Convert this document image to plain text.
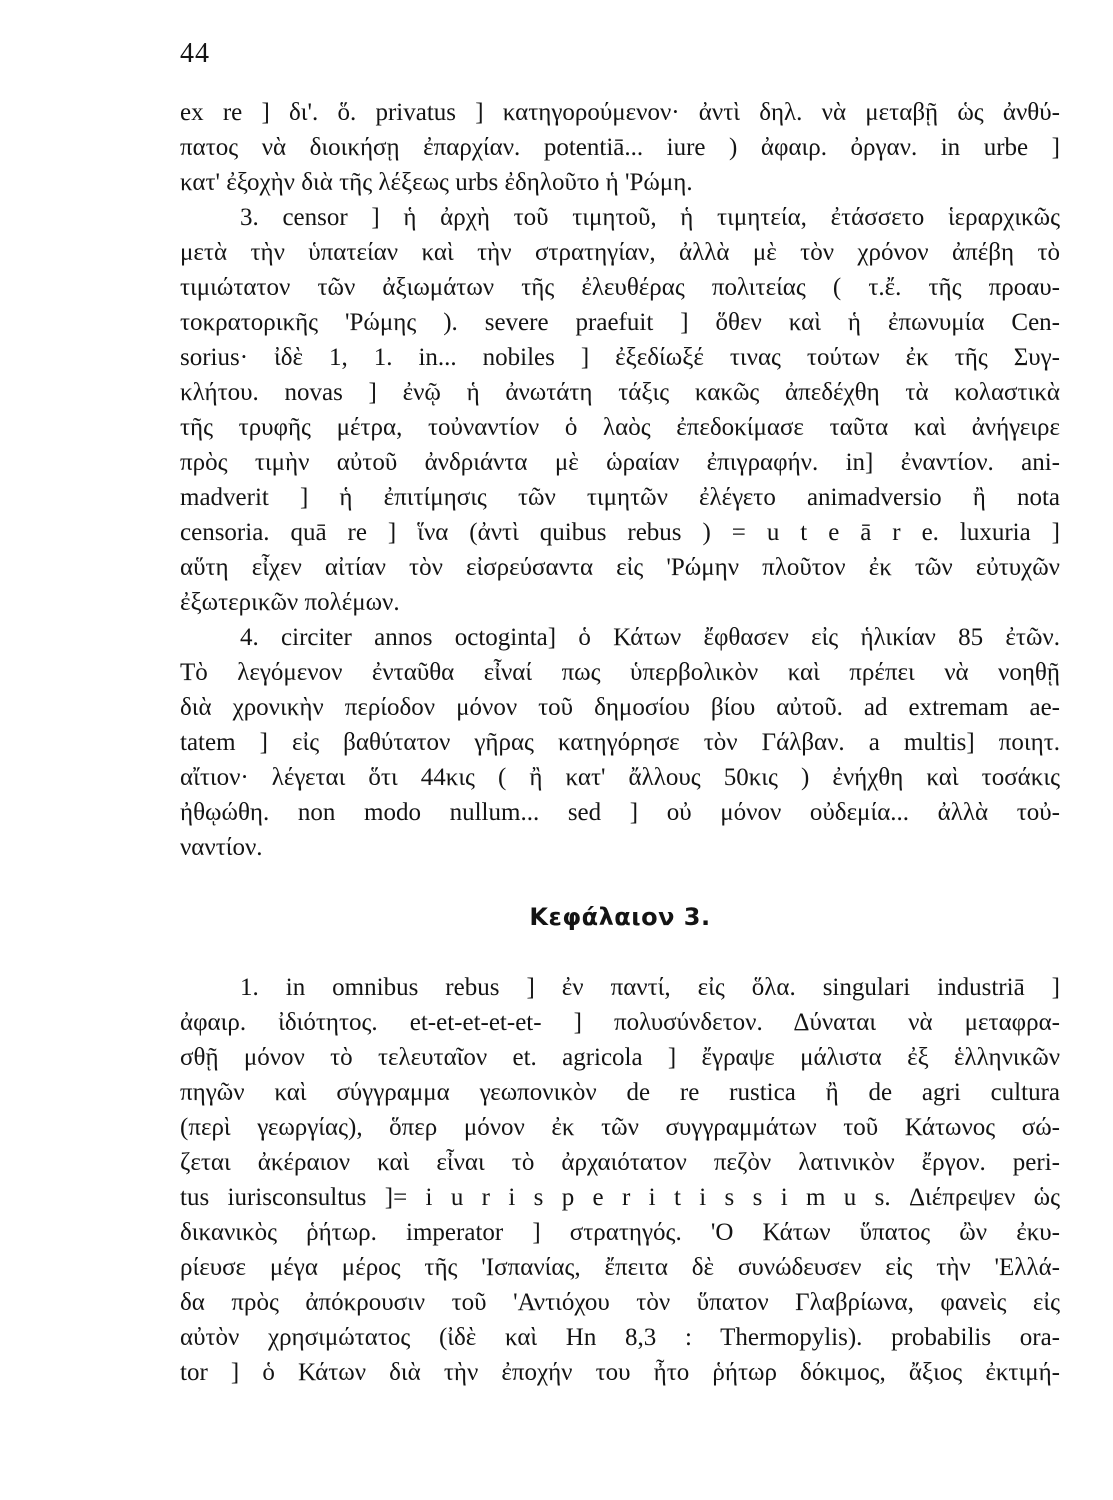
44
ex re ] δι'. ὅ. privatus ] κατηγορούμενον· ἀντὶ δηλ. νὰ μεταβῇ ὡς ἀνθύ-
πατος νὰ διοικήσῃ ἐπαρχίαν. potentiā... iure ) ἀφαιρ. ὀργαν. in urbe ]
κατ' ἐξοχὴν διὰ τῆς λέξεως urbs ἐδηλοῦτο ἡ 'Ρώμη.
3. censor ] ἡ ἀρχὴ τοῦ τιμητοῦ, ἡ τιμητεία, ἐτάσσετο ἱεραρχικῶς
μετὰ τὴν ὑπατείαν καὶ τὴν στρατηγίαν, ἀλλὰ μὲ τὸν χρόνον ἀπέβη τὸ
τιμιώτατον τῶν ἀξιωμάτων τῆς ἐλευθέρας πολιτείας ( τ.ἔ. τῆς προαυ-
τοκρατορικῆς 'Ρώμης ). severe praefuit ] ὅθεν καὶ ἡ ἐπωνυμία Cen-
sorius· ἰδὲ 1, 1. in... nobiles ] ἐξεδίωξέ τινας τούτων ἐκ τῆς Συγ-
κλήτου. novas ] ἐνῷ ἡ ἀνωτάτη τάξις κακῶς ἀπεδέχθη τὰ κολαστικὰ
τῆς τρυφῆς μέτρα, τοὐναντίον ὁ λαὸς ἐπεδοκίμασε ταῦτα καὶ ἀνήγειρε
πρὸς τιμὴν αὐτοῦ ἀνδριάντα μὲ ὡραίαν ἐπιγραφήν. in] ἐναντίον. ani-
madverit ] ἡ ἐπιτίμησις τῶν τιμητῶν ἐλέγετο animadversio ἢ nota
censoria. quā re ] ἵνα (ἀντὶ quibus rebus ) = u t e ā r e. luxuria ]
αὕτη εἶχεν αἰτίαν τὸν εἰσρεύσαντα εἰς 'Ρώμην πλοῦτον ἐκ τῶν εὐτυχῶν
ἐξωτερικῶν πολέμων.
4. circiter annos octoginta] ὁ Κάτων ἔφθασεν εἰς ἡλικίαν 85 ἐτῶν.
Τὸ λεγόμενον ἐνταῦθα εἶναί πως ὑπερβολικὸν καὶ πρέπει νὰ νοηθῇ
διὰ χρονικὴν περίοδον μόνον τοῦ δημοσίου βίου αὐτοῦ. ad extremam ae-
tatem ] εἰς βαθύτατον γῆρας κατηγόρησε τὸν Γάλβαν. a multis] ποιητ.
αἴτιον· λέγεται ὅτι 44κις ( ἢ κατ' ἄλλους 50κις ) ἐνήχθη καὶ τοσάκις
ἠθῳώθη. non modo nullum... sed ] οὐ μόνον οὐδεμία... ἀλλὰ τοὐ-
ναντίον.
Κεφάλαιον 3.
1. in omnibus rebus ] ἐν παντί, εἰς ὅλα. singulari industriā ]
ἀφαιρ. ἰδιότητος. et-et-et-et-et- ] πολυσύνδετον. Δύναται νὰ μεταφρα-
σθῇ μόνον τὸ τελευταῖον et. agricola ] ἔγραψε μάλιστα ἐξ ἑλληνικῶν
πηγῶν καὶ σύγγραμμα γεωπονικὸν de re rustica ἢ de agri cultura
(περὶ γεωργίας), ὅπερ μόνον ἐκ τῶν συγγραμμάτων τοῦ Κάτωνος σώ-
ζεται ἀκέραιον καὶ εἶναι τὸ ἀρχαιότατον πεζὸν λατινικὸν ἔργον. peri-
tus iurisconsultus ]= i u r i s p e r i t i s s i m u s. Διέπρεψεν ὡς
δικανικὸς ῥήτωρ. imperator ] στρατηγός. 'Ο Κάτων ὕπατος ὢν ἐκυ-
ρίευσε μέγα μέρος τῆς 'Ισπανίας, ἔπειτα δὲ συνώδευσεν εἰς τὴν 'Ελλά-
δα πρὸς ἀπόκρουσιν τοῦ 'Αντιόχου τὸν ὕπατον Γλαβρίωνα, φανεὶς εἰς
αὐτὸν χρησιμώτατος (ἰδὲ καὶ Hn 8,3 : Thermopylis). probabilis ora-
tor ] ὁ Κάτων διὰ τὴν ἐποχήν του ἦτο ῥήτωρ δόκιμος, ἄξιος ἐκτιμή-
